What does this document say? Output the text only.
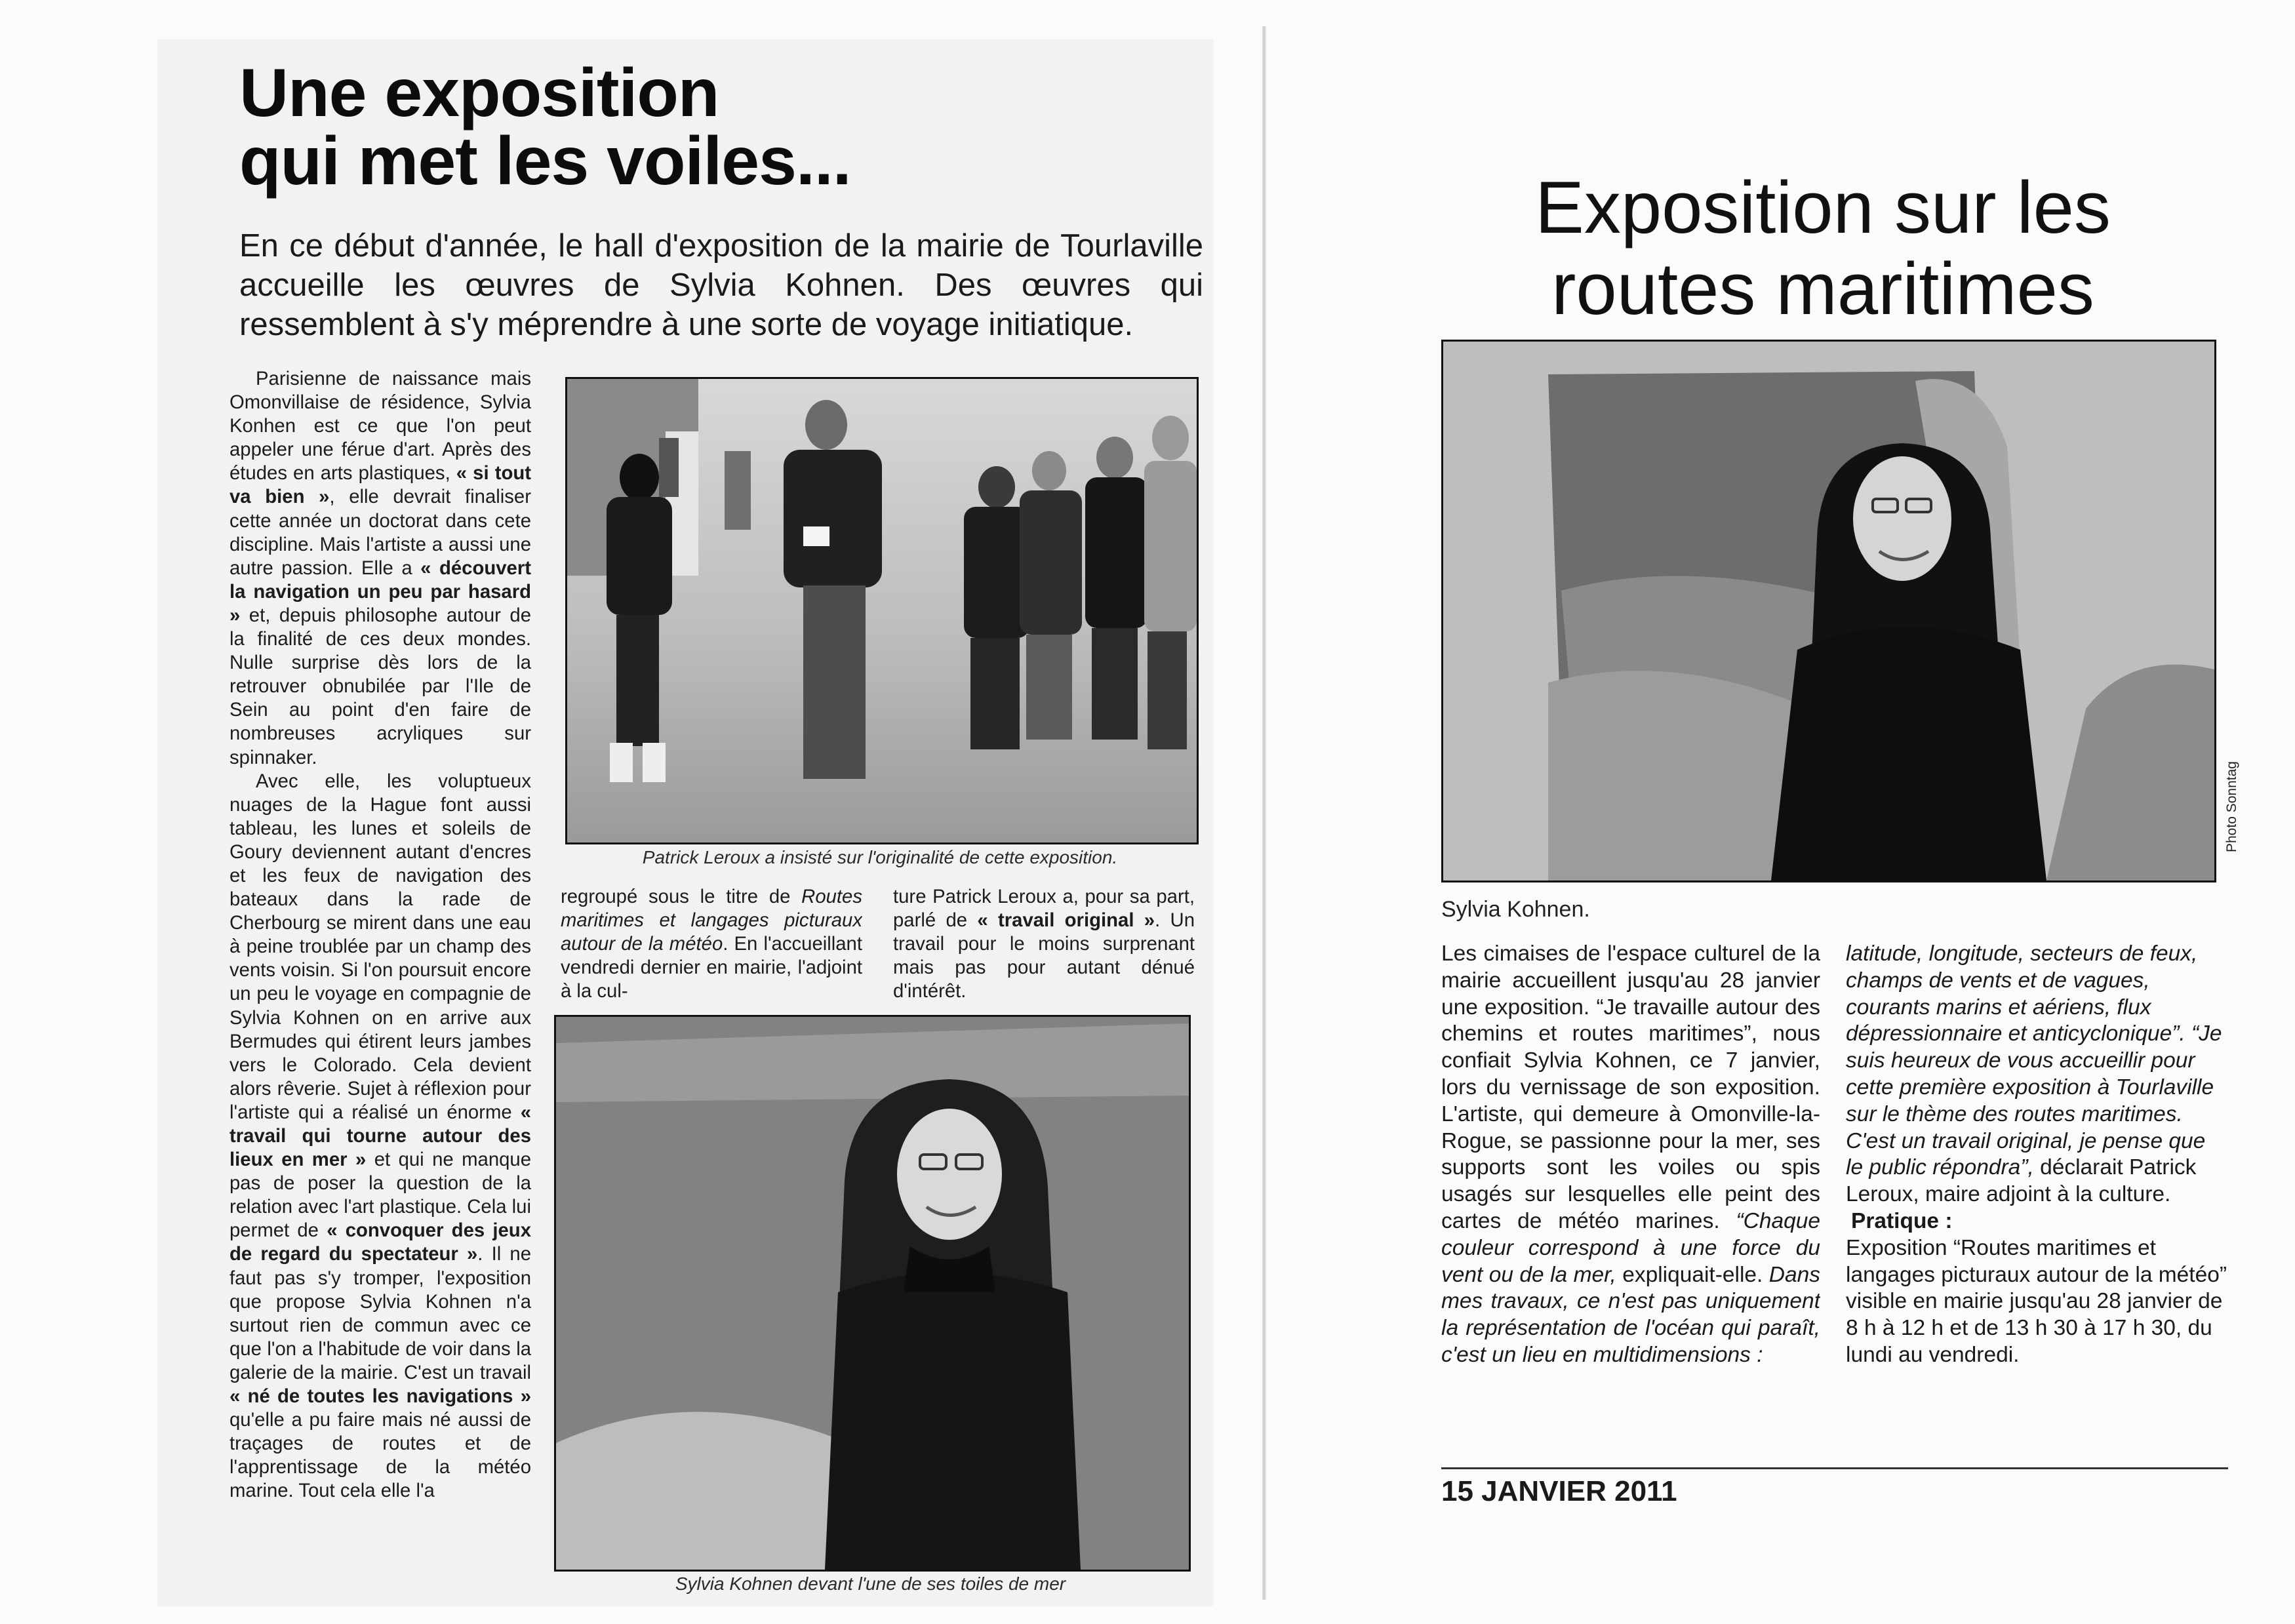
Une exposition
qui met les voiles...
En ce début d'année, le hall d'exposition de la mairie de Tourlaville accueille les œuvres de Sylvia Kohnen. Des œuvres qui ressemblent à s'y méprendre à une sorte de voyage initiatique.
Parisienne de naissance mais Omonvillaise de résidence, Sylvia Konhen est ce que l'on peut appeler une férue d'art. Après des études en arts plastiques, « si tout va bien », elle devrait finaliser cette année un doctorat dans cete discipline. Mais l'artiste a aussi une autre passion. Elle a « découvert la navigation un peu par hasard » et, depuis philosophe autour de la finalité de ces deux mondes. Nulle surprise dès lors de la retrouver obnubilée par l'Ile de Sein au point d'en faire de nombreuses acryliques sur spinnaker.
Avec elle, les voluptueux nuages de la Hague font aussi tableau, les lunes et soleils de Goury deviennent autant d'encres et les feux de navigation des bateaux dans la rade de Cherbourg se mirent dans une eau à peine troublée par un champ des vents voisin. Si l'on poursuit encore un peu le voyage en compagnie de Sylvia Kohnen on en arrive aux Bermudes qui étirent leurs jambes vers le Colorado. Cela devient alors rêverie. Sujet à réflexion pour l'artiste qui a réalisé un énorme « travail qui tourne autour des lieux en mer » et qui ne manque pas de poser la question de la relation avec l'art plastique. Cela lui permet de « convoquer des jeux de regard du spectateur ». Il ne faut pas s'y tromper, l'exposition que propose Sylvia Kohnen n'a surtout rien de commun avec ce que l'on a l'habitude de voir dans la galerie de la mairie. C'est un travail « né de toutes les navigations » qu'elle a pu faire mais né aussi de traçages de routes et de l'apprentissage de la météo marine. Tout cela elle l'a
Patrick Leroux a insisté sur l'originalité de cette exposition.
regroupé sous le titre de Routes maritimes et langages picturaux autour de la météo. En l'accueillant vendredi dernier en mairie, l'adjoint à la cul-
ture Patrick Leroux a, pour sa part, parlé de « travail original ». Un travail pour le moins surprenant mais pas pour autant dénué d'intérêt.
Sylvia Kohnen devant l'une de ses toiles de mer
Exposition sur les
routes maritimes
Photo Sonntag
Sylvia Kohnen.
Les cimaises de l'espace culturel de la mairie accueillent jusqu'au 28 janvier une exposition. “Je travaille autour des chemins et routes maritimes”, nous confiait Sylvia Kohnen, ce 7 janvier, lors du vernissage de son exposition. L'artiste, qui demeure à Omonville-la-Rogue, se passionne pour la mer, ses supports sont les voiles ou spis usagés sur lesquelles elle peint des cartes de météo marines. “Chaque couleur correspond à une force du vent ou de la mer, expliquait-elle. Dans mes travaux, ce n'est pas uniquement la représentation de l'océan qui paraît, c'est un lieu en multidimensions :
latitude, longitude, secteurs de feux, champs de vents et de vagues, courants marins et aériens, flux dépressionnaire et anticyclonique”. “Je suis heureux de vous accueillir pour cette première exposition à Tourlaville sur le thème des routes maritimes. C'est un travail original, je pense que le public répondra”, déclarait Patrick Leroux, maire adjoint à la culture.
Pratique :
Exposition “Routes maritimes et langages picturaux autour de la météo” visible en mairie jusqu'au 28 janvier de 8 h à 12 h et de 13 h 30 à 17 h 30, du lundi au vendredi.
15 JANVIER 2011
